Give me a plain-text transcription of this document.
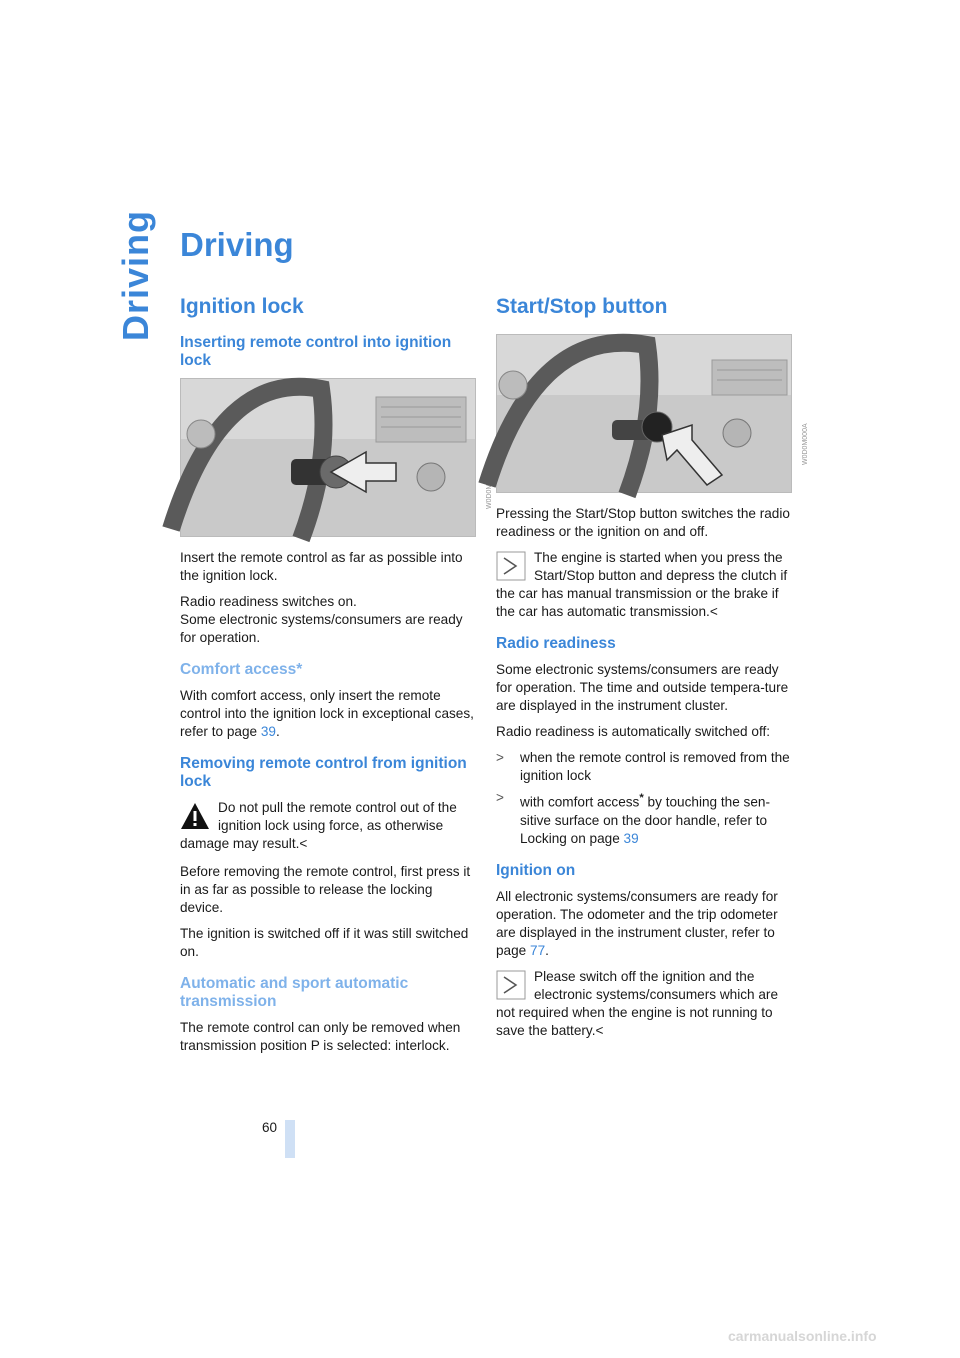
Driving Driving
Ignition lock
Inserting remote control into ignition lock
W0D0M000A

Insert the remote control as far as possible into the ignition lock.

Radio readiness switches on.
Some electronic systems/consumers are ready for operation.

Comfort access*

With comfort access, only insert the remote control into the ignition lock in exceptional cases, refer to page 39.

Removing remote control from ignition lock
Do not pull the remote control out of the ignition lock using force, as otherwise damage may result.<

Before removing the remote control, first press it in as far as possible to release the locking device.

The ignition is switched off if it was still switched on.

Automatic and sport automatic transmission

The remote control can only be removed when transmission position P is selected: interlock.

Start/Stop button
W0D0M000A

Pressing the Start/Stop button switches the radio readiness or the ignition on and off.

The engine is started when you press the Start/Stop button and depress the clutch if the car has manual transmission or the brake if the car has automatic transmission.<
Radio readiness

Some electronic systems/consumers are ready for operation. The time and outside tempera-ture are displayed in the instrument cluster.

Radio readiness is automatically switched off:

> when the remote control is removed from the ignition lock
> with comfort access* by touching the sen-sitive surface on the door handle, refer to Locking on page 39
Ignition on

All electronic systems/consumers are ready for operation. The odometer and the trip odometer are displayed in the instrument cluster, refer to page 77.

Please switch off the ignition and the electronic systems/consumers which are not required when the engine is not running to save the battery.<
60
carmanualsonline.info
